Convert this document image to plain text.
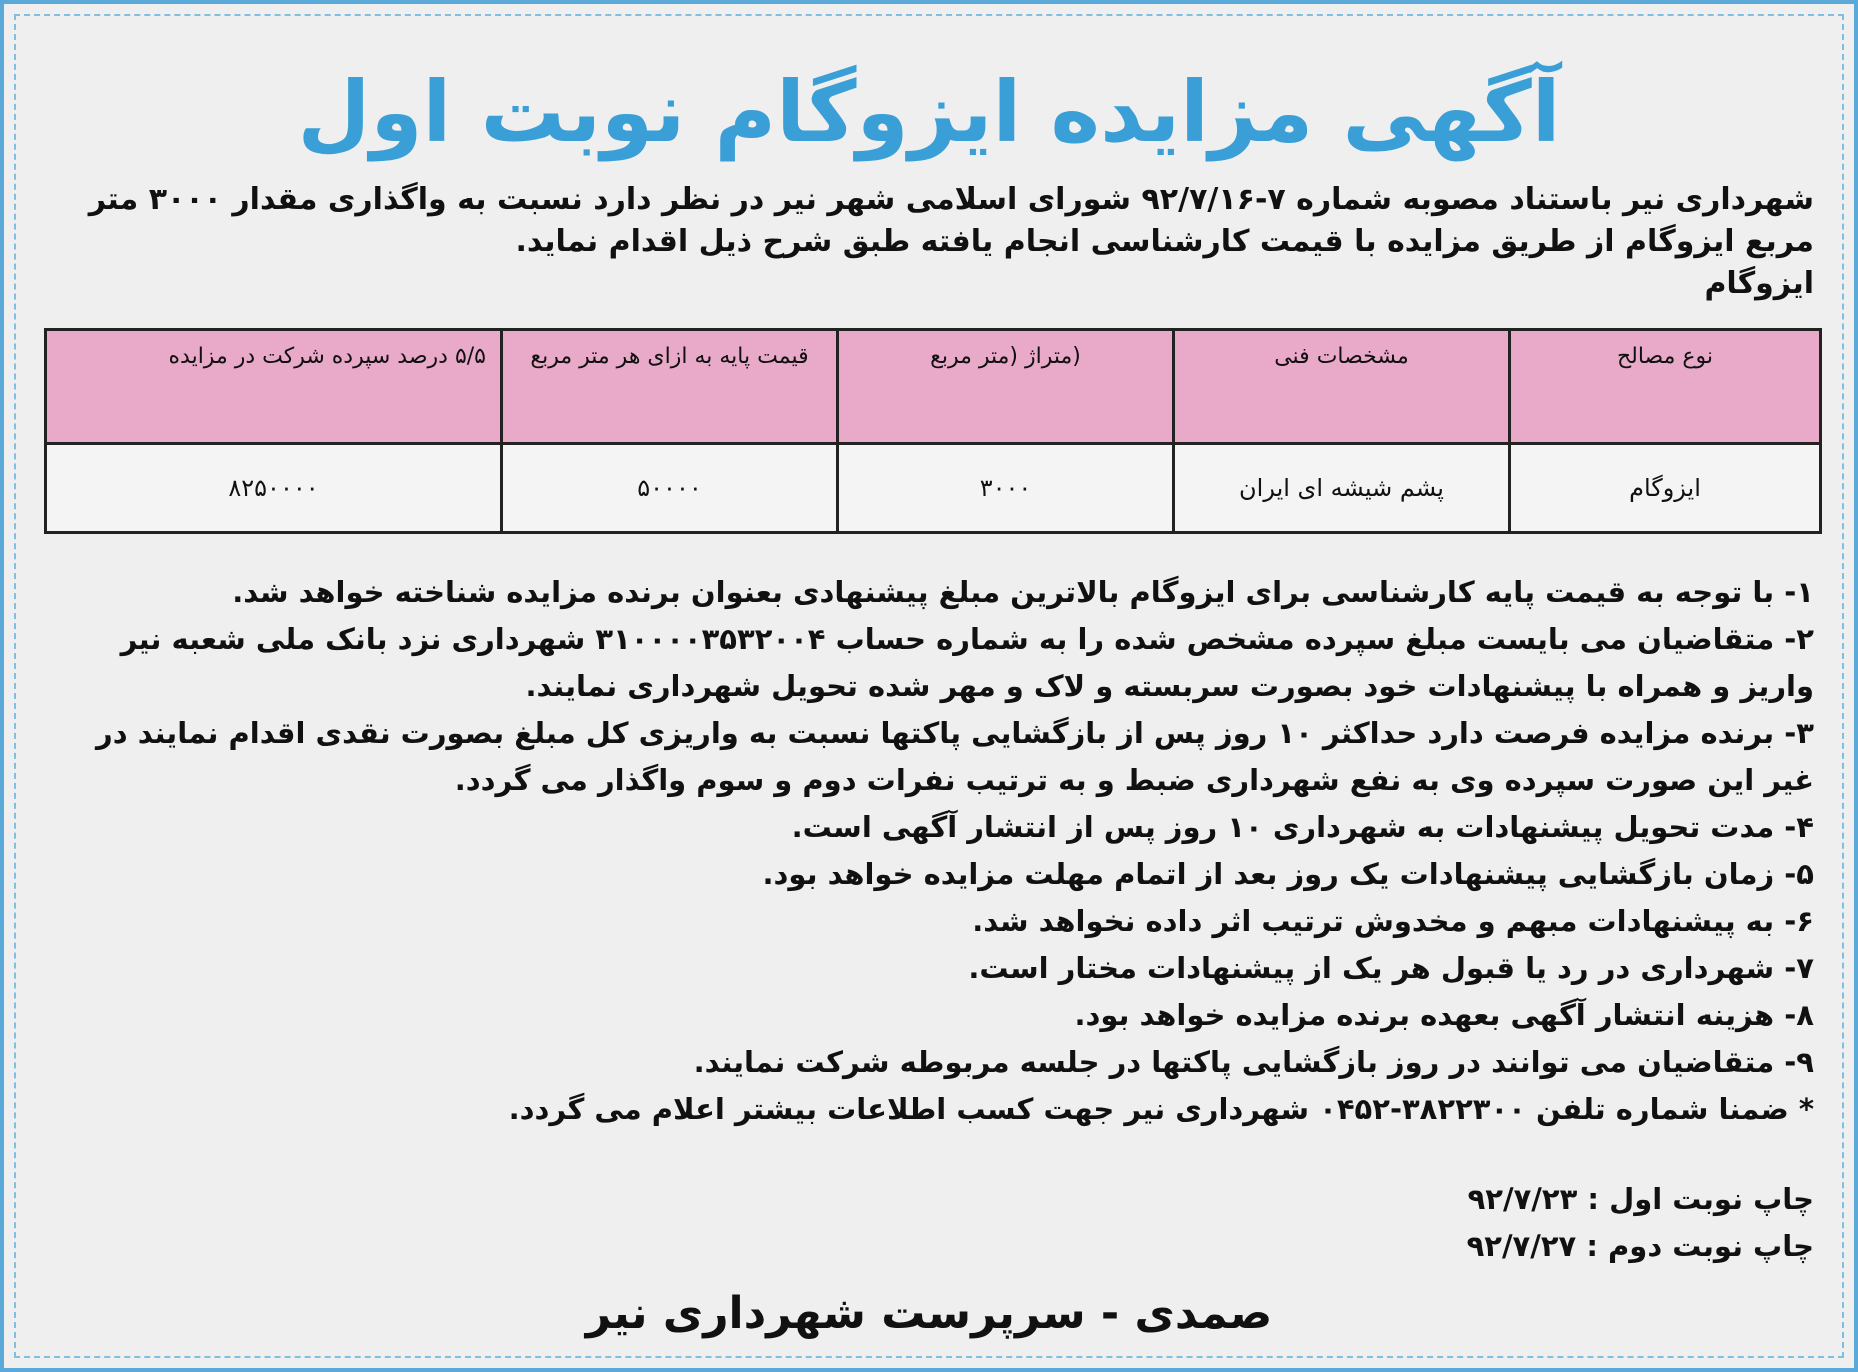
آگهی مزایده ایزوگام نوبت اول
شهرداری نیر باستناد مصوبه شماره ۷-۹۲/۷/۱۶ شورای اسلامی شهر نیر در نظر دارد نسبت به واگذاری مقدار ۳۰۰۰ متر مربع ایزوگام از طریق مزایده با قیمت کارشناسی انجام یافته طبق شرح ذیل اقدام نماید.
ایزوگام
نوع مصالح	مشخصات فنی	(متراژ (متر مربع	قیمت پایه به ازای هر متر مربع	۵/۵ درصد سپرده شرکت در مزایده
ایزوگام	پشم شیشه ای ایران	۳۰۰۰	۵۰۰۰۰	۸۲۵۰۰۰۰

۱- با توجه به قیمت پایه کارشناسی برای ایزوگام بالاترین مبلغ پیشنهادی بعنوان برنده مزایده شناخته خواهد شد.

۲- متقاضیان می بایست مبلغ سپرده مشخص شده را به شماره حساب ۳۱۰۰۰۰۳۵۳۲۰۰۴ شهرداری نزد بانک ملی شعبه نیر واریز و همراه با پیشنهادات خود بصورت سربسته و لاک و مهر شده تحویل شهرداری نمایند.

۳- برنده مزایده فرصت دارد حداکثر ۱۰ روز پس از بازگشایی پاکتها نسبت به واریزی کل مبلغ بصورت نقدی اقدام نمایند در غیر این صورت سپرده وی به نفع شهرداری ضبط و به ترتیب نفرات دوم و سوم واگذار می گردد.

۴- مدت تحویل پیشنهادات به شهرداری ۱۰ روز پس از انتشار آگهی است.

۵- زمان بازگشایی پیشنهادات یک روز بعد از اتمام مهلت مزایده خواهد بود.

۶- به پیشنهادات مبهم و مخدوش ترتیب اثر داده نخواهد شد.

۷- شهرداری در رد یا قبول هر یک از پیشنهادات مختار است.

۸- هزینه انتشار آگهی بعهده برنده مزایده خواهد بود.

۹- متقاضیان می توانند در روز بازگشایی پاکتها در جلسه مربوطه شرکت نمایند.

* ضمنا شماره تلفن ۳۸۲۲۳۰۰-۰۴۵۲ شهرداری نیر جهت کسب اطلاعات بیشتر اعلام می گردد.

چاپ نوبت اول : ۹۲/۷/۲۳

چاپ نوبت دوم : ۹۲/۷/۲۷

صمدی - سرپرست شهرداری نیر
